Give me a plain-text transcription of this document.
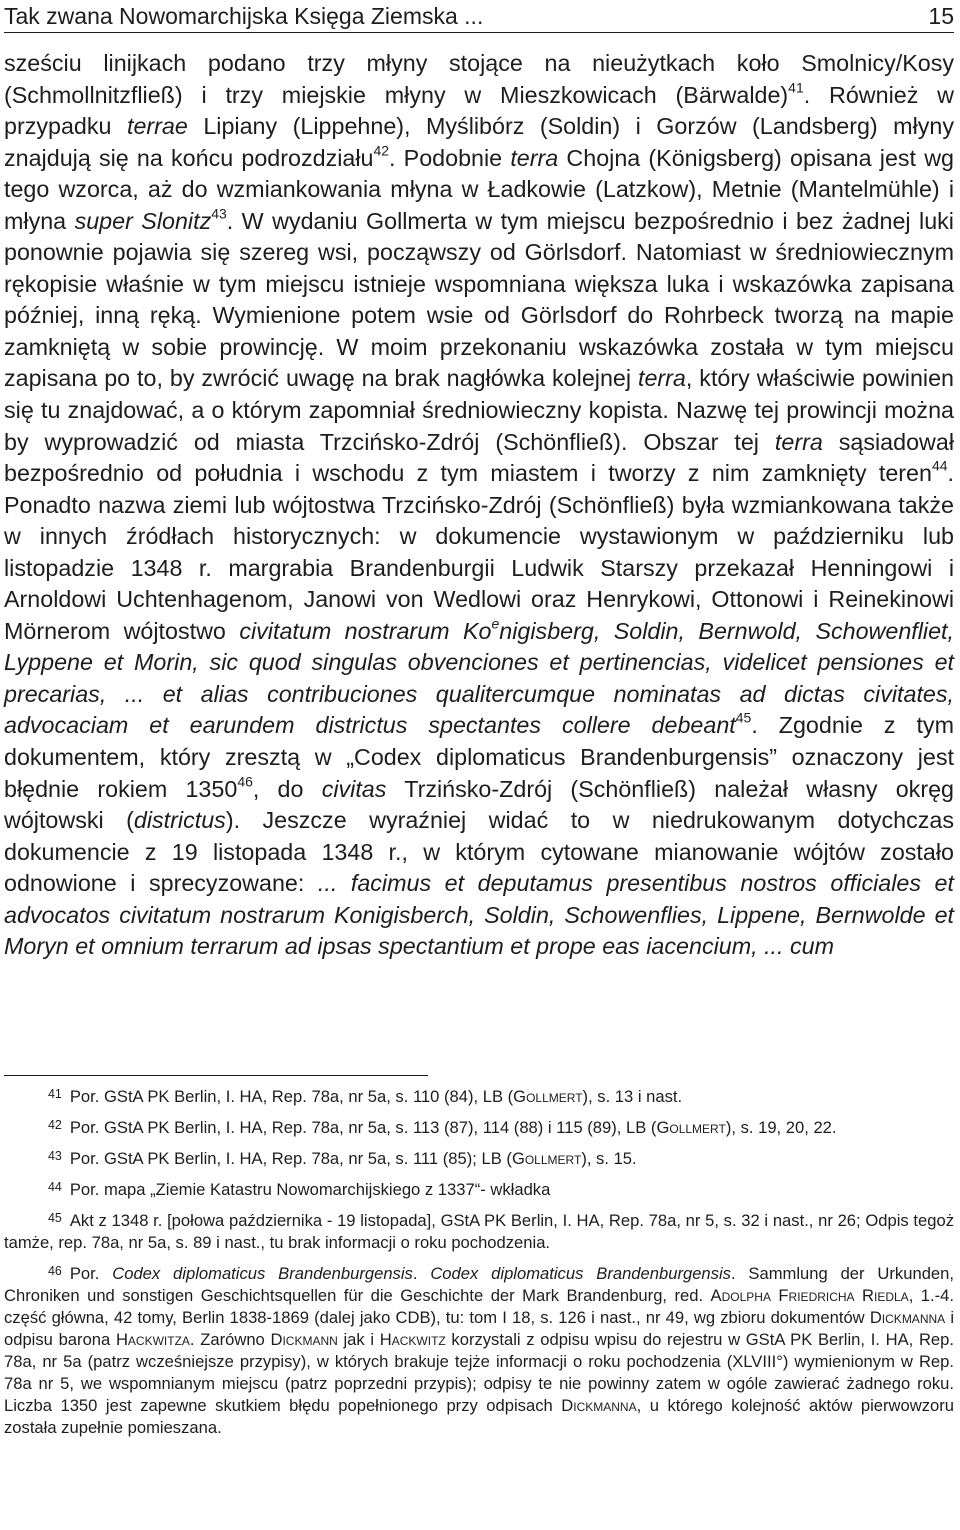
Tak zwana Nowomarchijska Księga Ziemska ...	15

sześciu linijkach podano trzy młyny stojące na nieużytkach koło Smolnicy/Kosy (Schmollnitzfließ) i trzy miejskie młyny w Mieszkowicach (Bärwalde)$^{41}$. Również w przypadku terrae Lipiany (Lippehne), Myślibórz (Soldin) i Gorzów (Landsberg) młyny znajdują się na końcu podrozdziału$^{42}$. Podobnie terra Chojna (Königsberg) opisana jest wg tego wzorca, aż do wzmiankowania młyna w Ładkowie (Latzkow), Metnie (Mantelmühle) i młyna super Slonitz$^{43}$. W wydaniu Gollmerta w tym miejscu bezpośrednio i bez żadnej luki ponownie pojawia się szereg wsi, począwszy od Görlsdorf. Natomiast w średniowiecznym rękopisie właśnie w tym miejscu istnieje wspomniana większa luka i wskazówka zapisana później, inną ręką. Wymienione potem wsie od Görlsdorf do Rohrbeck tworzą na mapie zamkniętą w sobie prowincję. W moim przekonaniu wskazówka została w tym miejscu zapisana po to, by zwrócić uwagę na brak nagłówka kolejnej terra, który właściwie powinien się tu znajdować, a o którym zapomniał średniowieczny kopista. Nazwę tej prowincji można by wyprowadzić od miasta Trzcińsko-Zdrój (Schönfließ). Obszar tej terra sąsiadował bezpośrednio od południa i wschodu z tym miastem i tworzy z nim zamknięty teren$^{44}$. Ponadto nazwa ziemi lub wójtostwa Trzcińsko-Zdrój (Schönfließ) była wzmiankowana także w innych źródłach historycznych: w dokumencie wystawionym w październiku lub listopadzie 1348 r. margrabia Brandenburgii Ludwik Starszy przekazał Henningowi i Arnoldowi Uchtenhagenom, Janowi von Wedlowi oraz Henrykowi, Ottonowi i Reinekinowi Mörnerom wójtostwo civitatum nostrarum Ko$^e$nigisberg, Soldin, Bernwold, Schowenfliet, Lyppene et Morin, sic quod singulas obvenciones et pertinencias, videlicet pensiones et precarias, ... et alias contribuciones qualitercumque nominatas ad dictas civitates, advocaciam et earundem districtus spectantes collere debeant$^{45}$. Zgodnie z tym dokumentem, który zresztą w „Codex diplomaticus Brandenburgensis” oznaczony jest błędnie rokiem 1350$^{46}$, do civitas Trzińsko-Zdrój (Schönfließ) należał własny okręg wójtowski (districtus). Jeszcze wyraźniej widać to w niedrukowanym dotychczas dokumencie z 19 listopada 1348 r., w którym cytowane mianowanie wójtów zostało odnowione i sprecyzowane: ... facimus et deputamus presentibus nostros officiales et advocatos civitatum nostrarum Konigisberch, Soldin, Schowenflies, Lippene, Bernwolde et Moryn et omnium terrarum ad ipsas spectantium et prope eas iacencium, ... cum

41 Por. GStA PK Berlin, I. HA, Rep. 78a, nr 5a, s. 110 (84), LB (Gollmert), s. 13 i nast.

42 Por. GStA PK Berlin, I. HA, Rep. 78a, nr 5a, s. 113 (87), 114 (88) i 115 (89), LB (Gollmert), s. 19, 20, 22.

43 Por. GStA PK Berlin, I. HA, Rep. 78a, nr 5a, s. 111 (85); LB (Gollmert), s. 15.

44 Por. mapa „Ziemie Katastru Nowomarchijskiego z 1337“- wkładka

45 Akt z 1348 r. [połowa października - 19 listopada], GStA PK Berlin, I. HA, Rep. 78a, nr 5, s. 32 i nast., nr 26; Odpis tegoż tamże, rep. 78a, nr 5a, s. 89 i nast., tu brak informacji o roku pochodzenia.

46 Por. Codex diplomaticus Brandenburgensis. Codex diplomaticus Brandenburgensis. Sammlung der Urkunden, Chroniken und sonstigen Geschichtsquellen für die Geschichte der Mark Brandenburg, red. Adolpha Friedricha Riedla, 1.-4. część główna, 42 tomy, Berlin 1838-1869 (dalej jako CDB), tu: tom I 18, s. 126 i nast., nr 49, wg zbioru dokumentów Dickmanna i odpisu barona Hackwitza. Zarówno Dickmann jak i Hackwitz korzystali z odpisu wpisu do rejestru w GStA PK Berlin, I. HA, Rep. 78a, nr 5a (patrz wcześniejsze przypisy), w których brakuje tejże informacji o roku pochodzenia (XLVIII°) wymienionym w Rep. 78a nr 5, we wspomnianym miejscu (patrz poprzedni przypis); odpisy te nie powinny zatem w ogóle zawierać żadnego roku. Liczba 1350 jest zapewne skutkiem błędu popełnionego przy odpisach Dickmanna, u którego kolejność aktów pierwowzoru została zupełnie pomieszana.
